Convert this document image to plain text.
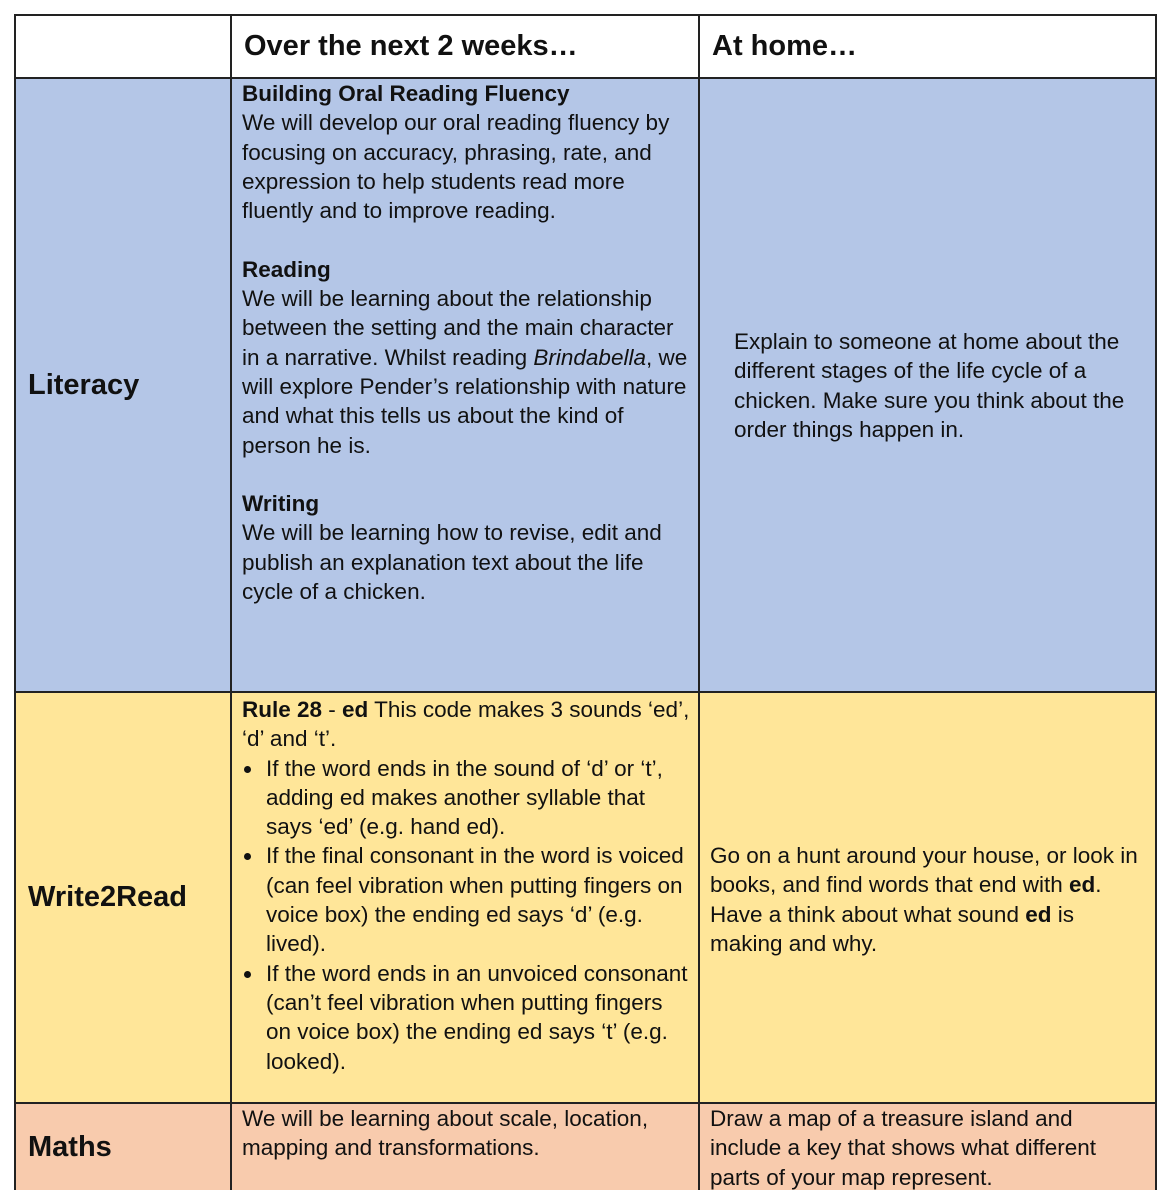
Over the next 2 weeks…	At home…
Literacy
Building Oral Reading Fluency

We will develop our oral reading fluency by focusing on accuracy, phrasing, rate, and expression to help students read more fluently and to improve reading.

Reading

We will be learning about the relationship between the setting and the main character in a narrative. Whilst reading Brindabella, we will explore Pender’s relationship with nature and what this tells us about the kind of person he is.

Writing

We will be learning how to revise, edit and publish an explanation text about the life cycle of a chicken.

Explain to someone at home about the different stages of the life cycle of a chicken. Make sure you think about the order things happen in.

Write2Read

Rule 28 - ed This code makes 3 sounds ‘ed’, ‘d’ and ‘t’.

If the word ends in the sound of ‘d’ or ‘t’, adding ed makes another syllable that says ‘ed’ (e.g. hand ed).
If the final consonant in the word is voiced (can feel vibration when putting fingers on voice box) the ending ed says ‘d’ (e.g. lived).
If the word ends in an unvoiced consonant (can’t feel vibration when putting fingers on voice box) the ending ed says ‘t’ (e.g. looked).

Go on a hunt around your house, or look in books, and find words that end with ed. Have a think about what sound ed is making and why.

Maths

We will be learning about scale, location, mapping and transformations.

Draw a map of a treasure island and include a key that shows what different parts of your map represent.
